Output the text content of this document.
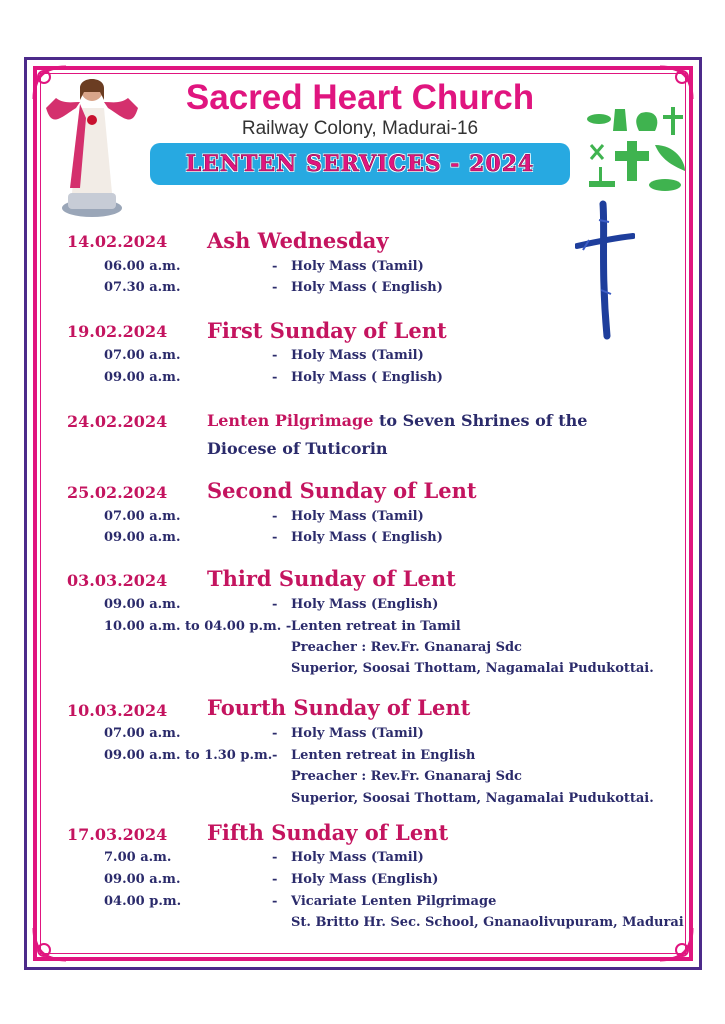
Sacred Heart Church
Railway Colony, Madurai-16
LENTEN SERVICES - 2024
14.02.2024 Ash Wednesday
06.00 a.m.	- Holy Mass (Tamil)
07.30 a.m.	- Holy Mass ( English)
19.02.2024 First Sunday of Lent
07.00 a.m.	- Holy Mass (Tamil)
09.00 a.m.	- Holy Mass ( English)
24.02.2024 Lenten Pilgrimage to Seven Shrines of the
Diocese of Tuticorin
25.02.2024 Second Sunday of Lent
07.00 a.m.	- Holy Mass (Tamil)
09.00 a.m.	- Holy Mass ( English)
03.03.2024 Third Sunday of Lent
09.00 a.m.	- Holy Mass (English)
10.00 a.m. to 04.00 p.m. - Lenten retreat in Tamil
Preacher : Rev.Fr. Gnanaraj Sdc
Superior, Soosai Thottam, Nagamalai Pudukottai.
10.03.2024 Fourth Sunday of Lent
07.00 a.m.	- Holy Mass (Tamil)
09.00 a.m. to 1.30 p.m. - Lenten retreat in English
Preacher : Rev.Fr. Gnanaraj Sdc
Superior, Soosai Thottam, Nagamalai Pudukottai.
17.03.2024 Fifth Sunday of Lent
7.00 a.m.	- Holy Mass (Tamil)
09.00 a.m.	- Holy Mass (English)
04.00 p.m.	- Vicariate Lenten Pilgrimage
St. Britto Hr. Sec. School, Gnanaolivupuram, Madurai
